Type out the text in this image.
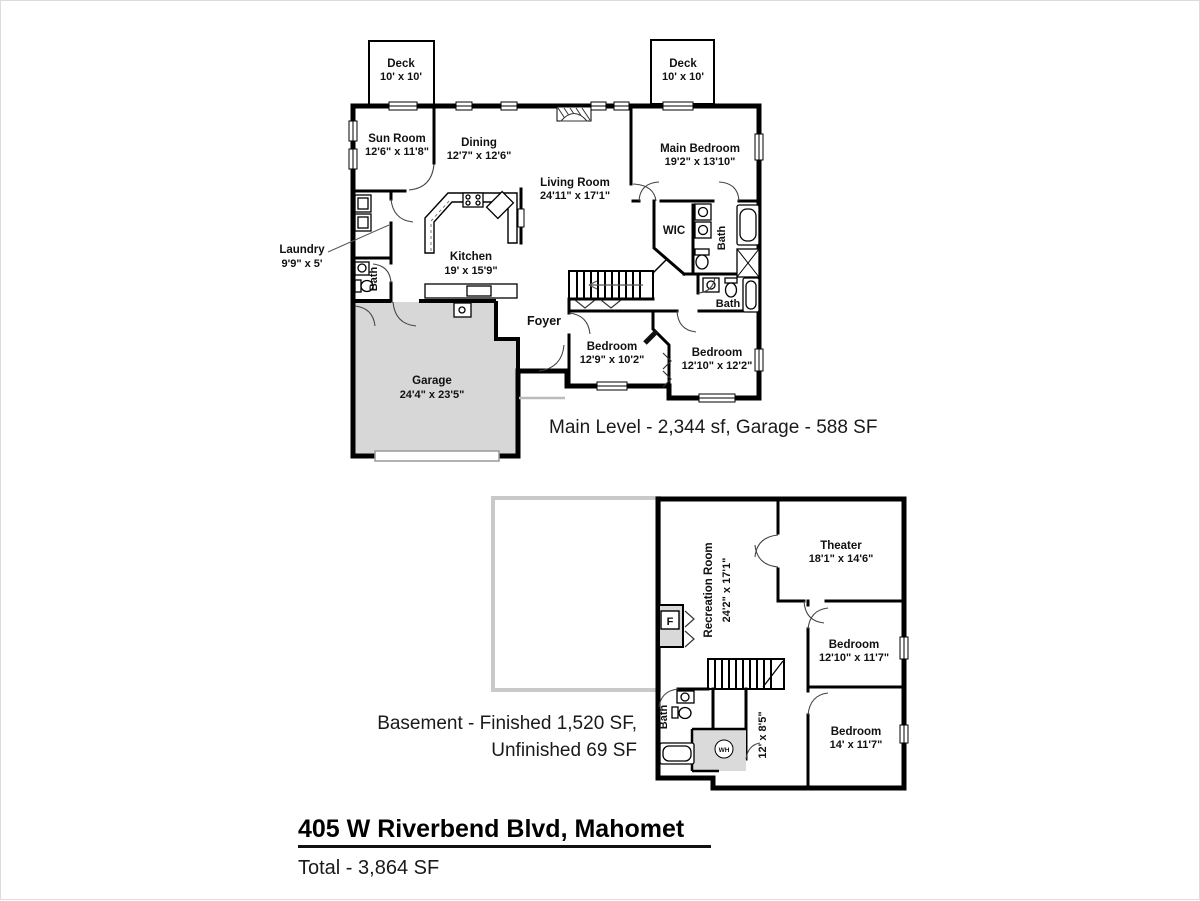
Deck
10' x 10'
Deck
10' x 10'
Sun Room
12'6" x 11'8"
Dining
12'7" x 12'6"
Living Room
24'11" x 17'1"
Main Bedroom
19'2" x 13'10"
Laundry
9'9" x 5'
Kitchen
19' x 15'9"
Bath
WIC	Bath
Bath
Foyer
Bedroom
12'9" x 10'2"
Bedroom
12'10" x 12'2"
Garage
24'4" x 23'5"
Main Level - 2,344 sf, Garage - 588 SF
F
WH
Recreation Room 24'2" x 17'1"
Theater
18'1" x 14'6"
Bedroom
12'10" x 11'7"
Bedroom
14' x 11'7"
12' x 8'5"
Bath
Basement - Finished 1,520 SF,
Unfinished 69 SF
405 W Riverbend Blvd, Mahomet
Total - 3,864 SF
